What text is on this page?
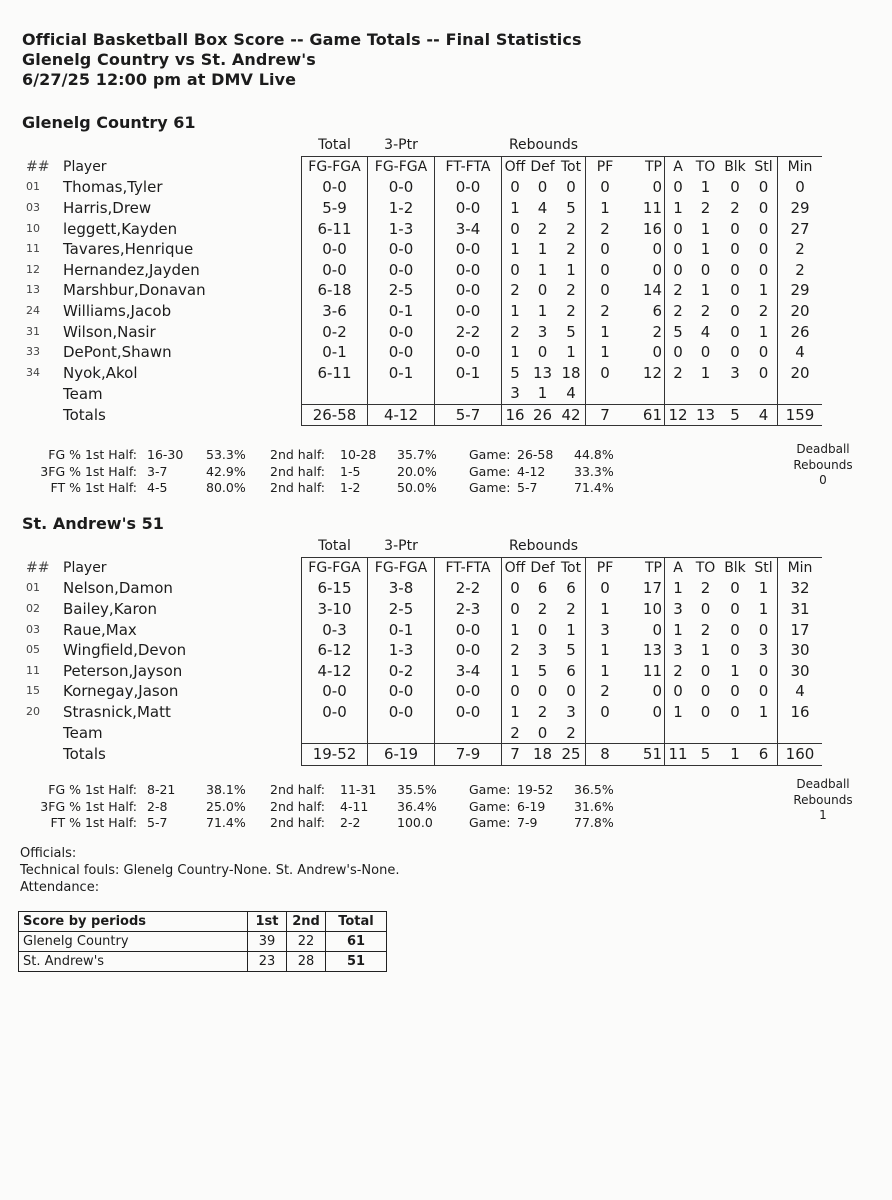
Official Basketball Box Score -- Game Totals -- Final Statistics
Glenelg Country vs St. Andrew's
6/27/25 12:00 pm at DMV Live
Glenelg Country 61
		Total	3-Ptr		Rebounds									
##	Player	FG-FGA	FG-FGA	FT-FTA	Off	Def	Tot	PF	TP	A	TO	Blk	Stl	Min
01	Thomas,Tyler	0-0	0-0	0-0	0	0	0	0	0	0	1	0	0	0
03	Harris,Drew	5-9	1-2	0-0	1	4	5	1	11	1	2	2	0	29
10	leggett,Kayden	6-11	1-3	3-4	0	2	2	2	16	0	1	0	0	27
11	Tavares,Henrique	0-0	0-0	0-0	1	1	2	0	0	0	1	0	0	2
12	Hernandez,Jayden	0-0	0-0	0-0	0	1	1	0	0	0	0	0	0	2
13	Marshbur,Donavan	6-18	2-5	0-0	2	0	2	0	14	2	1	0	1	29
24	Williams,Jacob	3-6	0-1	0-0	1	1	2	2	6	2	2	0	2	20
31	Wilson,Nasir	0-2	0-0	2-2	2	3	5	1	2	5	4	0	1	26
33	DePont,Shawn	0-1	0-0	0-0	1	0	1	1	0	0	0	0	0	4
34	Nyok,Akol	6-11	0-1	0-1	5	13	18	0	12	2	1	3	0	20
	Team				3	1	4							
	Totals	26-58	4-12	5-7	16	26	42	7	61	12	13	5	4	159
FG % 1st Half: 16-30 53.3% 2nd half: 10-28 35.7%	Game: 26-58 44.8%
3FG % 1st Half: 3-7	42.9% 2nd half: 1-5	20.0%	Game: 4-12 33.3%
FT % 1st Half: 4-5	80.0% 2nd half: 1-2	50.0%	Game: 5-7	71.4%
Deadball
Rebounds
0
St. Andrew's 51
		Total	3-Ptr		Rebounds									
##	Player	FG-FGA	FG-FGA	FT-FTA	Off	Def	Tot	PF	TP	A	TO	Blk	Stl	Min
01	Nelson,Damon	6-15	3-8	2-2	0	6	6	0	17	1	2	0	1	32
02	Bailey,Karon	3-10	2-5	2-3	0	2	2	1	10	3	0	0	1	31
03	Raue,Max	0-3	0-1	0-0	1	0	1	3	0	1	2	0	0	17
05	Wingfield,Devon	6-12	1-3	0-0	2	3	5	1	13	3	1	0	3	30
11	Peterson,Jayson	4-12	0-2	3-4	1	5	6	1	11	2	0	1	0	30
15	Kornegay,Jason	0-0	0-0	0-0	0	0	0	2	0	0	0	0	0	4
20	Strasnick,Matt	0-0	0-0	0-0	1	2	3	0	0	1	0	0	1	16
	Team				2	0	2							
	Totals	19-52	6-19	7-9	7	18	25	8	51	11	5	1	6	160
FG % 1st Half: 8-21 38.1% 2nd half: 11-31 35.5%	Game: 19-52 36.5%
3FG % 1st Half: 2-8	25.0% 2nd half: 4-11 36.4%	Game: 6-19 31.6%
FT % 1st Half: 5-7	71.4% 2nd half: 2-2	100.0	Game: 7-9	77.8%
Deadball
Rebounds
1
Officials:
Technical fouls: Glenelg Country-None. St. Andrew's-None.
Attendance:
Score by periods	1st	2nd	Total
Glenelg Country	39	22	61
St. Andrew's	23	28	51
